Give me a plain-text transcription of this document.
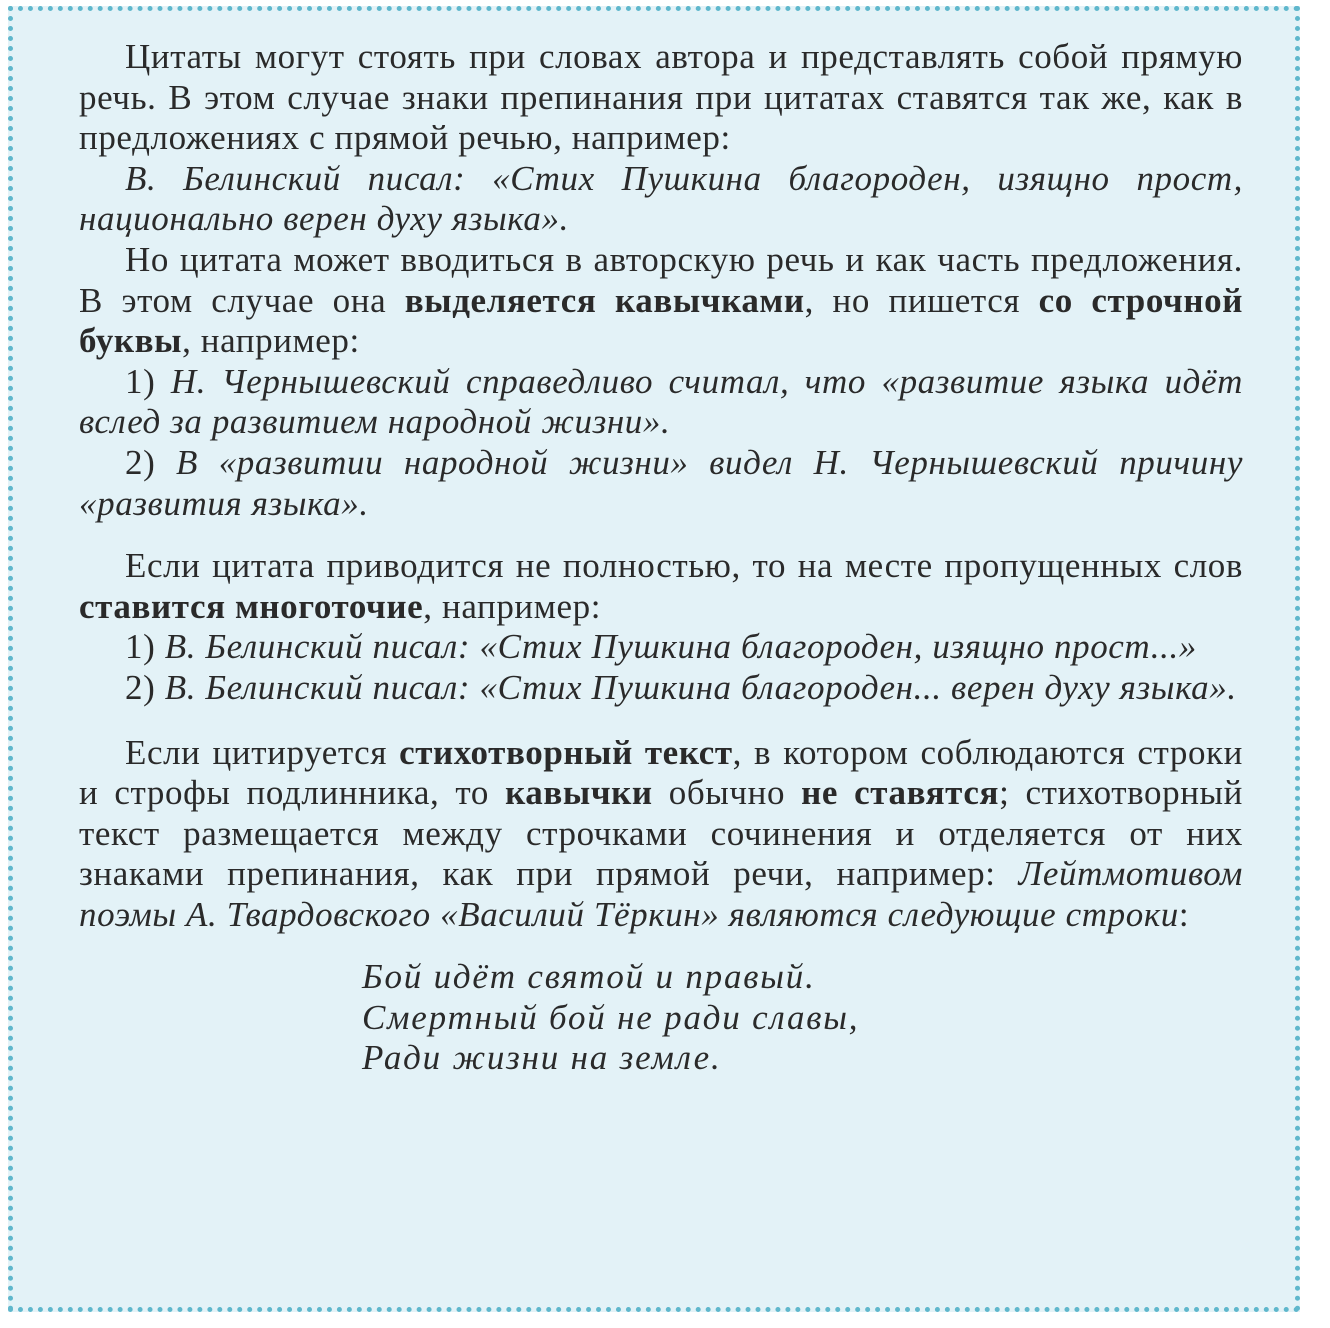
Цитаты могут стоять при словах автора и представлять собой прямую речь. В этом случае знаки препинания при цитатах ставятся так же, как в предложениях с прямой речью, например:
В. Белинский писал: «Стих Пушкина благороден, изящно прост, национально верен духу языка».
Но цитата может вводиться в авторскую речь и как часть предложения. В этом случае она выделяется кавычками, но пишется со строчной буквы, например:
1) Н. Чернышевский справедливо считал, что «развитие языка идёт вслед за развитием народной жизни».
2) В «развитии народной жизни» видел Н. Чернышевский причину «развития языка».
Если цитата приводится не полностью, то на месте пропущенных слов ставится многоточие, например:
1) В. Белинский писал: «Стих Пушкина благороден, изящно прост...»
2) В. Белинский писал: «Стих Пушкина благороден... верен духу языка».
Если цитируется стихотворный текст, в котором соблюдаются строки и строфы подлинника, то кавычки обычно не ставятся; стихотворный текст размещается между строчками сочинения и отделяется от них знаками препинания, как при прямой речи, например: Лейтмотивом поэмы А. Твардовского «Василий Тёркин» являются следующие строки:
Бой идёт святой и правый.
Смертный бой не ради славы,
Ради жизни на земле.
